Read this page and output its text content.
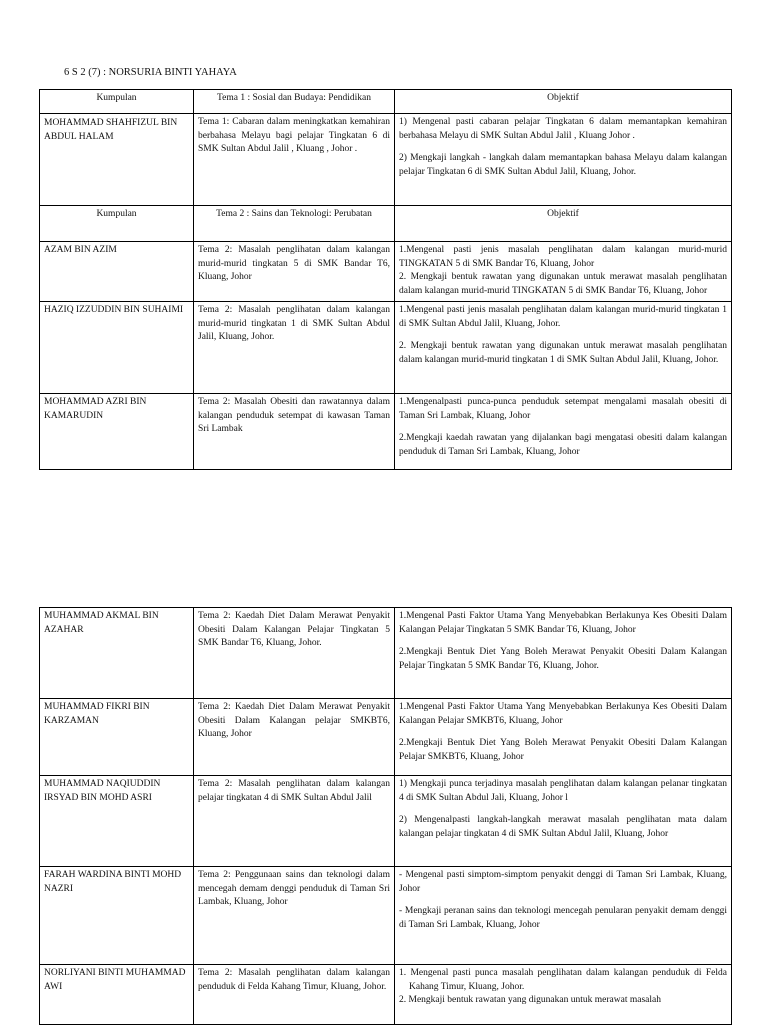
6 S 2 (7) : NORSURIA BINTI YAHAYA
Kumpulan	Tema 1 : Sosial dan Budaya: Pendidikan	Objektif
MOHAMMAD SHAHFIZUL BIN ABDUL HALAM	Tema 1: Cabaran dalam meningkatkan kemahiran berbahasa Melayu bagi pelajar Tingkatan 6 di SMK Sultan Abdul Jalil , Kluang , Johor .	1) Mengenal pasti cabaran pelajar Tingkatan 6 dalam memantapkan kemahiran berbahasa Melayu di SMK Sultan Abdul Jalil , Kluang Johor .

2) Mengkaji langkah - langkah dalam memantapkan bahasa Melayu dalam kalangan pelajar Tingkatan 6 di SMK Sultan Abdul Jalil, Kluang, Johor.

Kumpulan	Tema 2 : Sains dan Teknologi: Perubatan	Objektif
AZAM BIN AZIM	Tema 2: Masalah penglihatan dalam kalangan murid-murid tingkatan 5 di SMK Bandar T6, Kluang, Johor	1.Mengenal pasti jenis masalah penglihatan dalam kalangan murid-murid TINGKATAN 5 di SMK Bandar T6, Kluang, Johor

2. Mengkaji bentuk rawatan yang digunakan untuk merawat masalah penglihatan dalam kalangan murid-murid TINGKATAN 5 di SMK Bandar T6, Kluang, Johor

HAZIQ IZZUDDIN BIN SUHAIMI	Tema 2: Masalah penglihatan dalam kalangan murid-murid tingkatan 1 di SMK Sultan Abdul Jalil, Kluang, Johor.	1.Mengenal pasti jenis masalah penglihatan dalam kalangan murid-murid tingkatan 1 di SMK Sultan Abdul Jalil, Kluang, Johor.

2. Mengkaji bentuk rawatan yang digunakan untuk merawat masalah penglihatan dalam kalangan murid-murid tingkatan 1 di SMK Sultan Abdul Jalil, Kluang, Johor.

MOHAMMAD AZRI BIN KAMARUDIN	Tema 2: Masalah Obesiti dan rawatannya dalam kalangan penduduk setempat di kawasan Taman Sri Lambak	1.Mengenalpasti punca-punca penduduk setempat mengalami masalah obesiti di Taman Sri Lambak, Kluang, Johor

2.Mengkaji kaedah rawatan yang dijalankan bagi mengatasi obesiti dalam kalangan penduduk di Taman Sri Lambak, Kluang, Johor

MUHAMMAD AKMAL BIN AZAHAR	Tema 2: Kaedah Diet Dalam Merawat Penyakit Obesiti Dalam Kalangan Pelajar Tingkatan 5 SMK Bandar T6, Kluang, Johor.	1.Mengenal Pasti Faktor Utama Yang Menyebabkan Berlakunya Kes Obesiti Dalam Kalangan Pelajar Tingkatan 5 SMK Bandar T6, Kluang, Johor

2.Mengkaji Bentuk Diet Yang Boleh Merawat Penyakit Obesiti Dalam Kalangan Pelajar Tingkatan 5 SMK Bandar T6, Kluang, Johor.

MUHAMMAD FIKRI BIN KARZAMAN	Tema 2: Kaedah Diet Dalam Merawat Penyakit Obesiti Dalam Kalangan pelajar SMKBT6, Kluang, Johor	1.Mengenal Pasti Faktor Utama Yang Menyebabkan Berlakunya Kes Obesiti Dalam Kalangan Pelajar SMKBT6, Kluang, Johor

2.Mengkaji Bentuk Diet Yang Boleh Merawat Penyakit Obesiti Dalam Kalangan Pelajar SMKBT6, Kluang, Johor

MUHAMMAD NAQIUDDIN IRSYAD BIN MOHD ASRI	Tema 2: Masalah penglihatan dalam kalangan pelajar tingkatan 4 di SMK Sultan Abdul Jalil	1) Mengkaji punca terjadinya masalah penglihatan dalam kalangan pelanar tingkatan 4 di SMK Sultan Abdul Jali, Kluang, Johor l

2) Mengenalpasti langkah-langkah merawat masalah penglihatan mata dalam kalangan pelajar tingkatan 4 di SMK Sultan Abdul Jalil, Kluang, Johor

FARAH WARDINA BINTI MOHD NAZRI	Tema 2: Penggunaan sains dan teknologi dalam mencegah demam denggi penduduk di Taman Sri Lambak, Kluang, Johor	- Mengenal pasti simptom-simptom penyakit denggi di Taman Sri Lambak, Kluang, Johor

- Mengkaji peranan sains dan teknologi mencegah penularan penyakit demam denggi di Taman Sri Lambak, Kluang, Johor

NORLIYANI BINTI MUHAMMAD AWI	Tema 2: Masalah penglihatan dalam kalangan penduduk di Felda Kahang Timur, Kluang, Johor.	1. Mengenal pasti punca masalah penglihatan dalam kalangan penduduk di Felda Kahang Timur, Kluang, Johor.

2. Mengkaji bentuk rawatan yang digunakan untuk merawat masalah
